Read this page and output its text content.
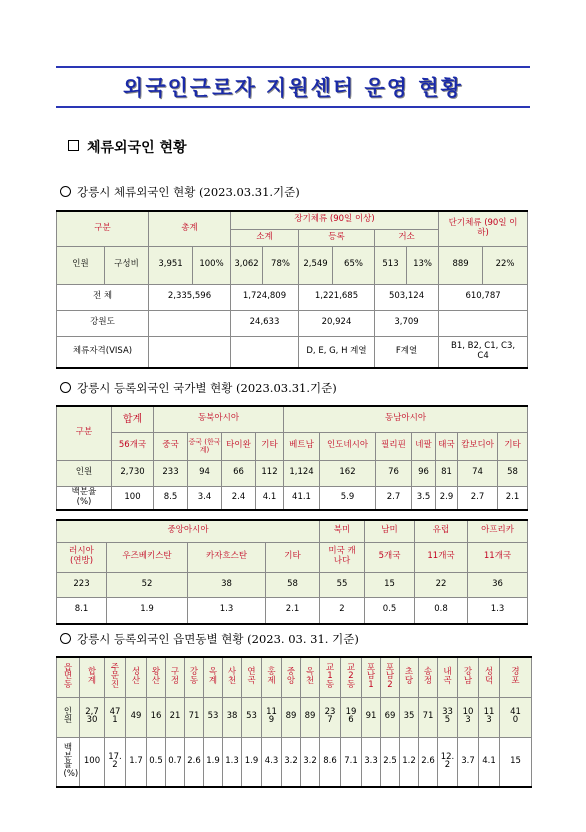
외국인근로자 지원센터 운영 현황
체류외국인 현황
강릉시 체류외국인 현황 (2023.03.31.기준)
구분		총계		장기체류 (90일 이상)						단기체류 (90일 이하)	
				소계		등록		거소			
인원	구성비	3,951	100%	3,062	78%	2,549	65%	513	13%	889	22%
전 체		2,335,596		1,724,809		1,221,685		503,124		610,787	
강원도				24,633		20,924		3,709			
체류자격(VISA)						D, E, G, H 계열		F계열		B1, B2, C1, C3, C4	
강릉시 등록외국인 국가별 현황 (2023.03.31.기준)
구분	합계	동북아시아				동남아시아						
	56개국	중국	중국 (한국계)	타이완	기타	베트남	인도네시아	필리핀	네팔	태국	캄보디아	기타
인원	2,730	233	94	66	112	1,124	162	76	96	81	74	58
백분율 (%)	100	8.5	3.4	2.4	4.1	41.1	5.9	2.7	3.5	2.9	2.7	2.1
중앙아시아				북미	남미	유럽	아프리카
러시아 (연방)	우즈베키스탄	카자흐스탄	기타	미국 캐나다	5개국	11개국	11개국
223	52	38	58	55	15	22	36
8.1	1.9	1.3	2.1	2	0.5	0.8	1.3
강릉시 등록외국인 읍면동별 현황 (2023. 03. 31. 기준)
읍면동	합계	주문진	성산	왕산	구정	강동	옥계	사천	연곡	홍제	중앙	옥천	교1동	교2동	포남1	포남2	초당	송정	내곡	강남	성덕	경포
인원	2,730	471	49	16	21	71	53	38	53	119	89	89	237	196	91	69	35	71	335	103	113	410
백분율 (%)	100	17.2	1.7	0.5	0.7	2.6	1.9	1.3	1.9	4.3	3.2	3.2	8.6	7.1	3.3	2.5	1.2	2.6	12.2	3.7	4.1	15
